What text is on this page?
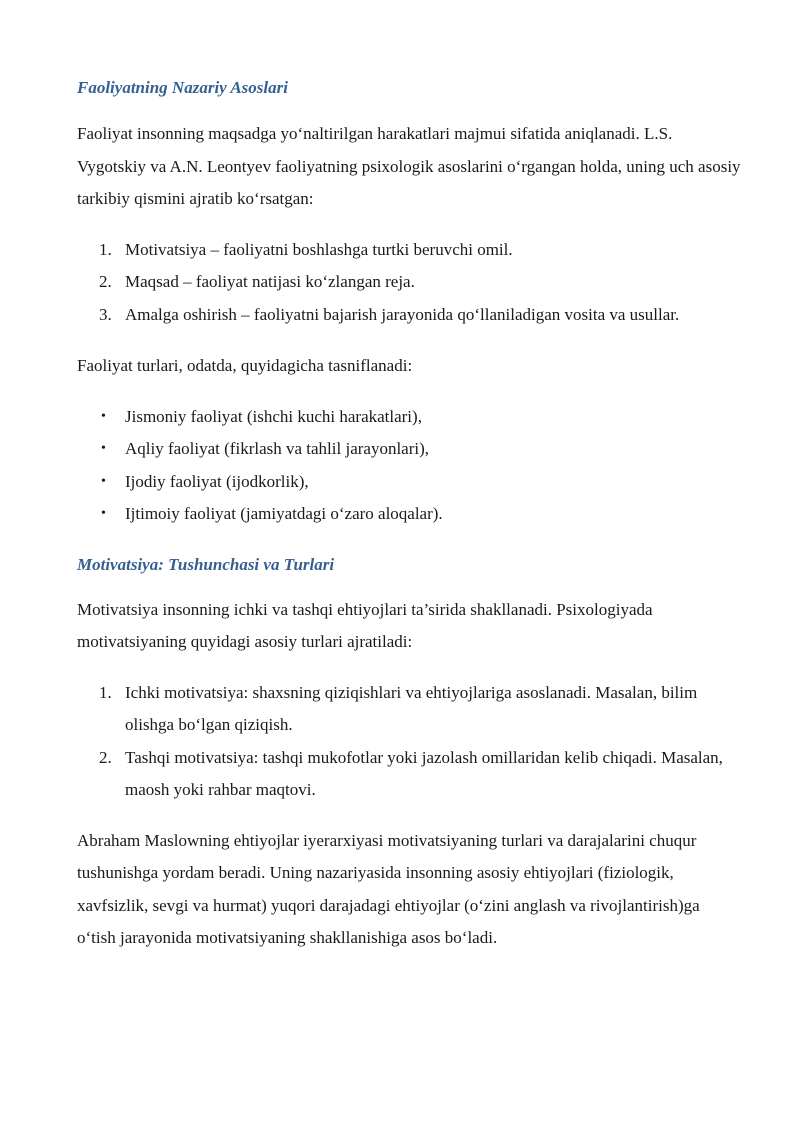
Faoliyatning Nazariy Asoslari

Faoliyat insonning maqsadga yo‘naltirilgan harakatlari majmui sifatida aniqlanadi. L.S. Vygotskiy va A.N. Leontyev faoliyatning psixologik asoslarini o‘rgangan holda, uning uch asosiy tarkibiy qismini ajratib ko‘rsatgan:

1. Motivatsiya – faoliyatni boshlashga turtki beruvchi omil.
2. Maqsad – faoliyat natijasi ko‘zlangan reja.
3. Amalga oshirish – faoliyatni bajarish jarayonida qo‘llaniladigan vosita va usullar.

Faoliyat turlari, odatda, quyidagicha tasniflanadi:

• Jismoniy faoliyat (ishchi kuchi harakatlari),
• Aqliy faoliyat (fikrlash va tahlil jarayonlari),
• Ijodiy faoliyat (ijodkorlik),
• Ijtimoiy faoliyat (jamiyatdagi o‘zaro aloqalar).
Motivatsiya: Tushunchasi va Turlari

Motivatsiya insonning ichki va tashqi ehtiyojlari ta’sirida shakllanadi. Psixologiyada motivatsiyaning quyidagi asosiy turlari ajratiladi:

1. Ichki motivatsiya: shaxsning qiziqishlari va ehtiyojlariga asoslanadi. Masalan, bilim olishga bo‘lgan qiziqish.
2. Tashqi motivatsiya: tashqi mukofotlar yoki jazolash omillaridan kelib chiqadi. Masalan, maosh yoki rahbar maqtovi.

Abraham Maslowning ehtiyojlar iyerarxiyasi motivatsiyaning turlari va darajalarini chuqur tushunishga yordam beradi. Uning nazariyasida insonning asosiy ehtiyojlari (fiziologik, xavfsizlik, sevgi va hurmat) yuqori darajadagi ehtiyojlar (o‘zini anglash va rivojlantirish)ga o‘tish jarayonida motivatsiyaning shakllanishiga asos bo‘ladi.
